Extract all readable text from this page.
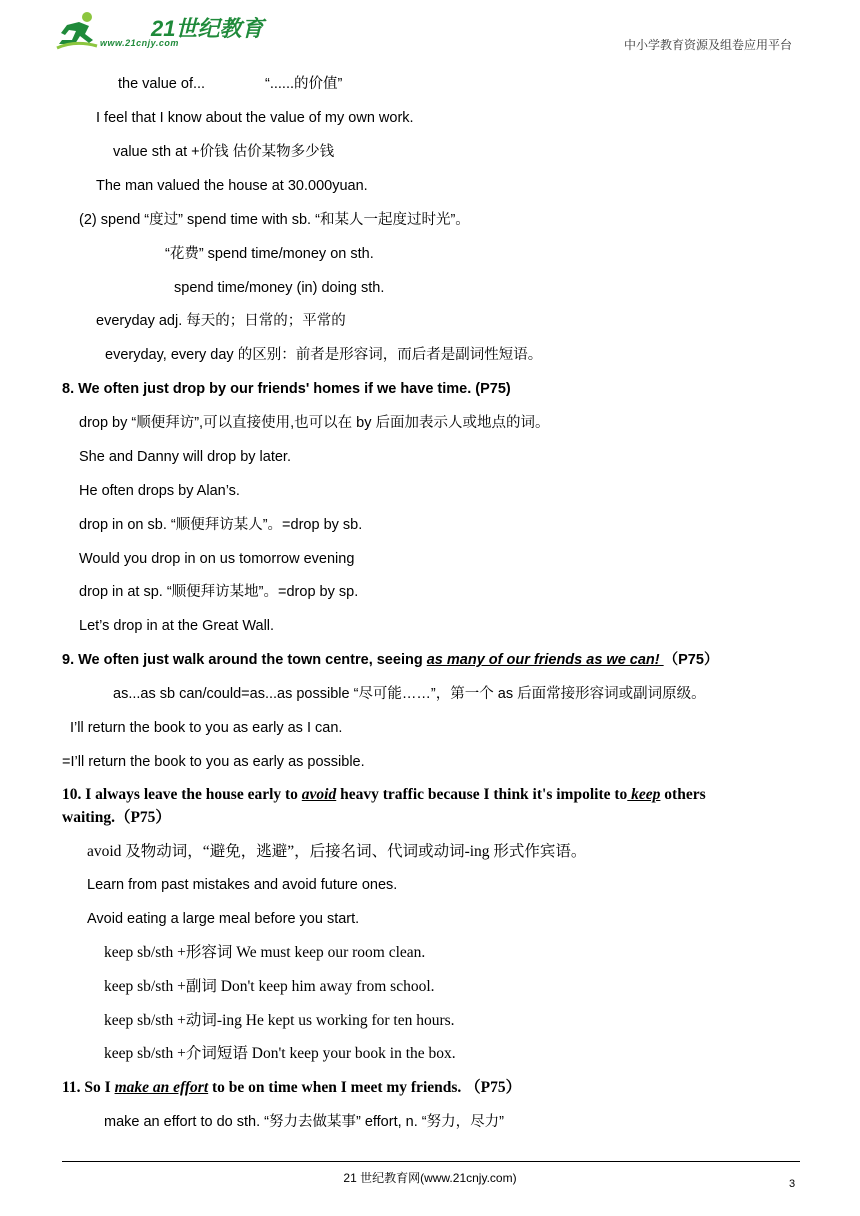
21世纪教育
www.21cnjy.com	中小学教育资源及组卷应用平台
the value of...	“......的价值”
I feel that I know about the value of my own work.
value sth at +价钱 估价某物多少钱
The man valued the house at 30.000yuan.
(2) spend “度过” spend time with sb. “和某人一起度过时光”。
“花费” spend time/money on sth.
spend time/money (in) doing sth.
everyday adj. 每天的；日常的；平常的
everyday, every day 的区别：前者是形容词，而后者是副词性短语。
8. We often just drop by our friends' homes if we have time. (P75)
drop by “顺便拜访”,可以直接使用,也可以在 by 后面加表示人或地点的词。
She and Danny will drop by later.
He often drops by Alan’s.
drop in on sb. “顺便拜访某人”。=drop by sb.
Would you drop in on us tomorrow evening
drop in at sp. “顺便拜访某地”。=drop by sp.
Let’s drop in at the Great Wall.
9. We often just walk around the town centre, seeing as many of our friends as we can! （P75）
as...as sb can/could=as...as possible “尽可能……”，第一个 as 后面常接形容词或副词原级。
I’ll return the book to you as early as I can.
=I’ll return the book to you as early as possible.
10. I always leave the house early to avoid heavy traffic because I think it's impolite to keep others
waiting.（P75）
avoid 及物动词，“避免，逃避”，后接名词、代词或动词-ing 形式作宾语。
Learn from past mistakes and avoid future ones.
Avoid eating a large meal before you start.
keep sb/sth +形容词 We must keep our room clean.
keep sb/sth +副词 Don't keep him away from school.
keep sb/sth +动词-ing He kept us working for ten hours.
keep sb/sth +介词短语 Don't keep your book in the box.
11. So I make an effort to be on time when I meet my friends. （P75）
make an effort to do sth. “努力去做某事” effort, n. “努力，尽力”
21 世纪教育网(www.21cnjy.com)	3
